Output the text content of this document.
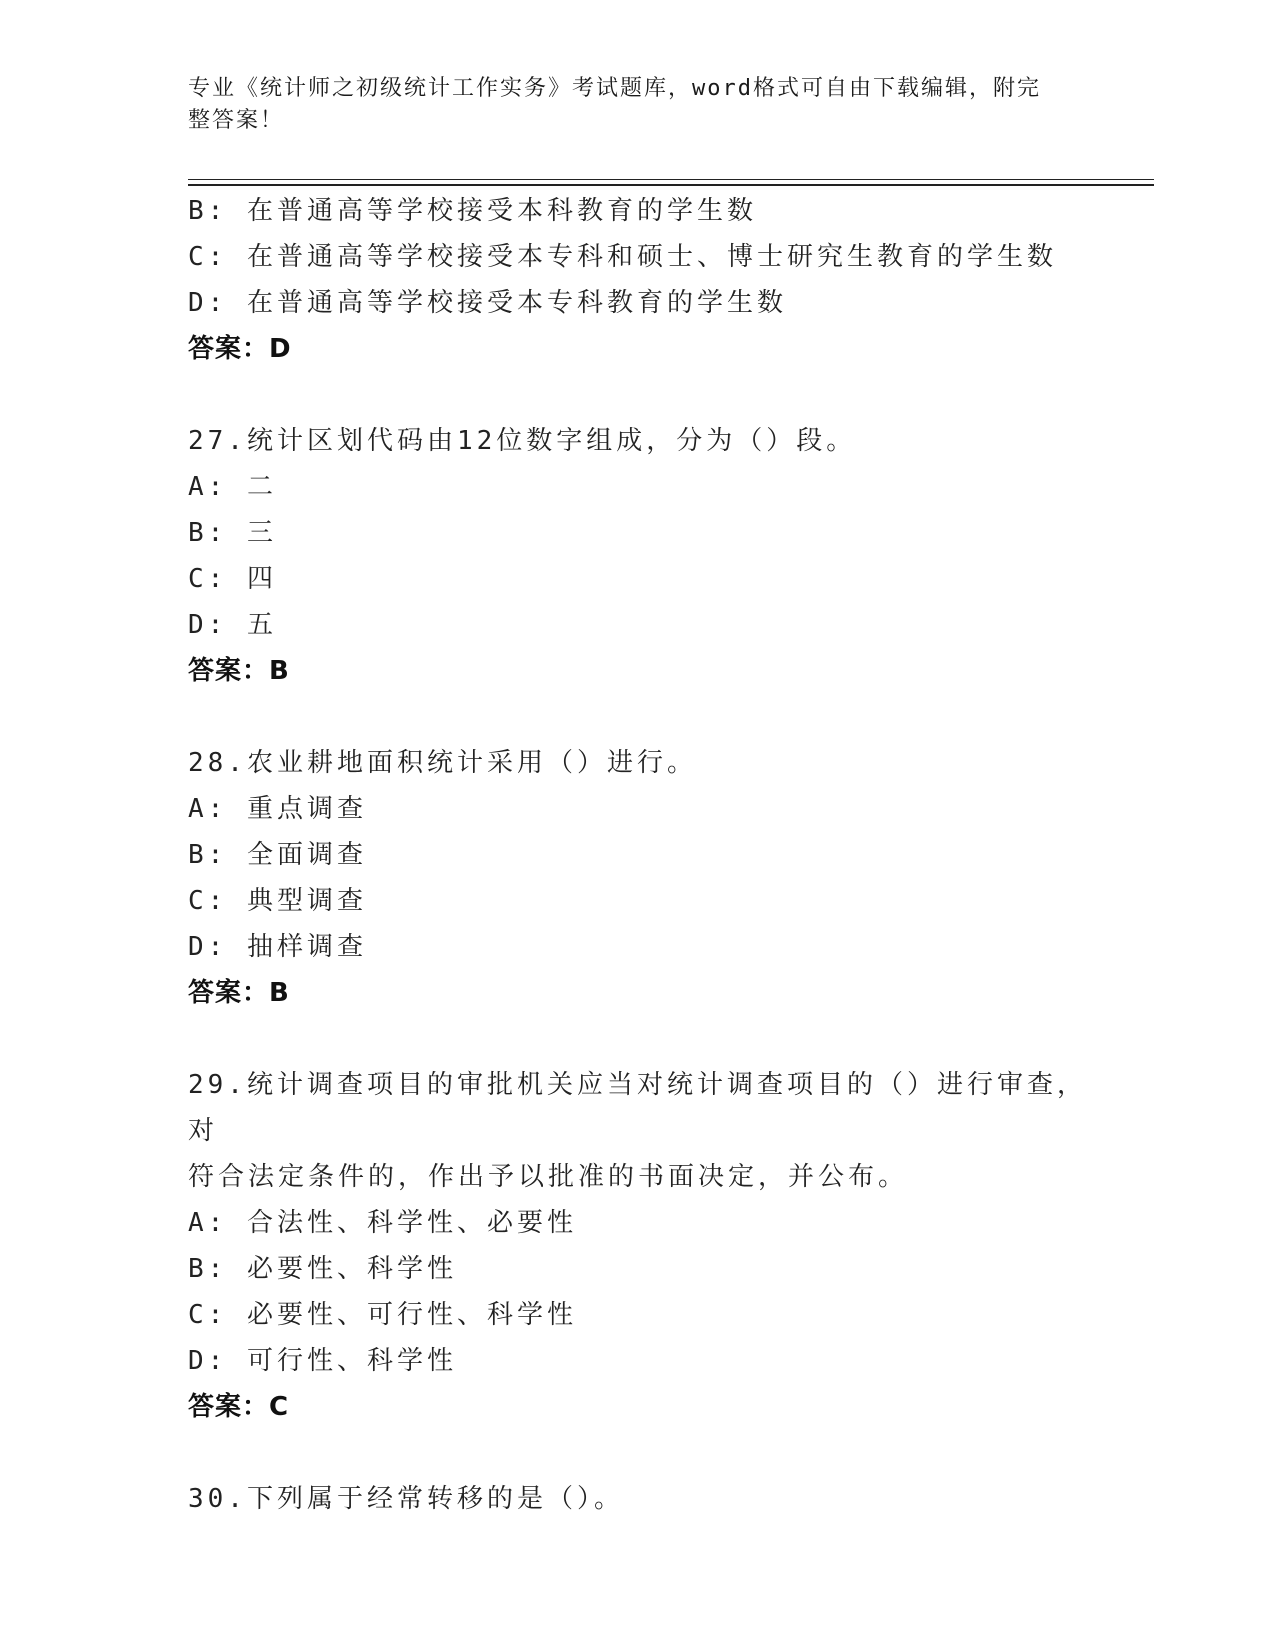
专业《统计师之初级统计工作实务》考试题库，word格式可自由下载编辑，附完
整答案！
B: 在普通高等学校接受本科教育的学生数
C: 在普通高等学校接受本专科和硕士、博士研究生教育的学生数
D: 在普通高等学校接受本专科教育的学生数
答案：D
27.统计区划代码由12位数字组成，分为（）段。
A: 二
B: 三
C: 四
D: 五
答案：B
28.农业耕地面积统计采用（）进行。
A: 重点调查
B: 全面调查
C: 典型调查
D: 抽样调查
答案：B
29.统计调查项目的审批机关应当对统计调查项目的（）进行审查，对
符合法定条件的，作出予以批准的书面决定，并公布。
A: 合法性、科学性、必要性
B: 必要性、科学性
C: 必要性、可行性、科学性
D: 可行性、科学性
答案：C
30.下列属于经常转移的是（）。
